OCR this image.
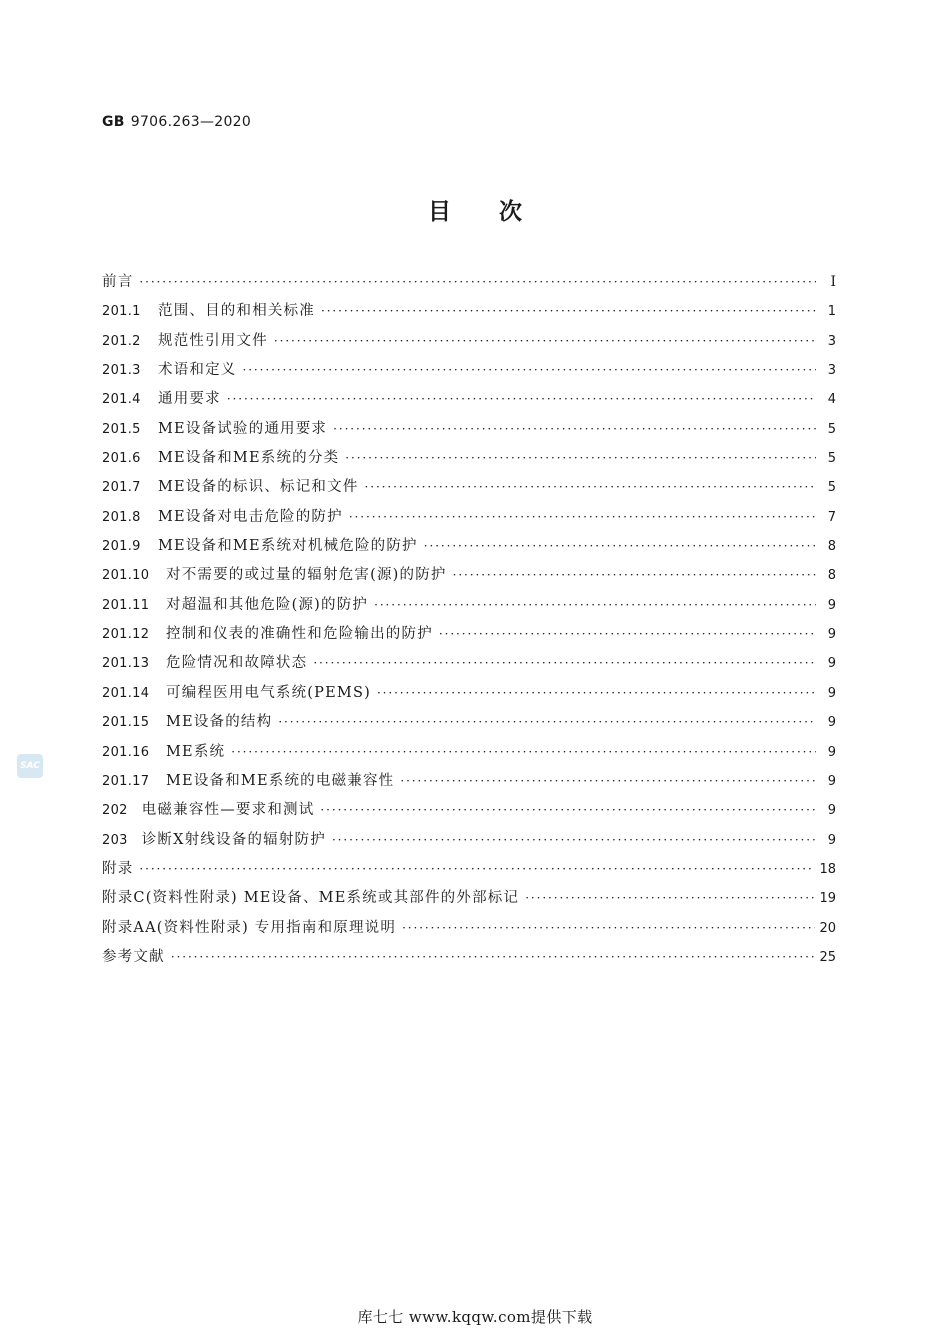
GB 9706.263—2020
目次
前言 ·····	Ⅰ
201.1 范围、目的和相关标准 ·····	1
201.2 规范性引用文件 ·····	3
201.3 术语和定义 ·····	3
201.4 通用要求 ·····	4
201.5 ME设备试验的通用要求 ·····	5
201.6 ME设备和ME系统的分类 ·····	5
201.7 ME设备的标识、标记和文件 ·····	5
201.8 ME设备对电击危险的防护 ·····	7
201.9 ME设备和ME系统对机械危险的防护 ·····	8
201.10 对不需要的或过量的辐射危害(源)的防护 ·····	8
201.11 对超温和其他危险(源)的防护 ·····	9
201.12 控制和仪表的准确性和危险输出的防护 ·····	9
201.13 危险情况和故障状态 ·····	9
201.14 可编程医用电气系统(PEMS) ·····	9
201.15 ME设备的结构 ·····	9
201.16 ME系统 ·····	9
201.17 ME设备和ME系统的电磁兼容性 ·····	9
202 电磁兼容性—要求和测试 ·····	9
203 诊断X射线设备的辐射防护 ·····	9
附录 ·····	18
附录C(资料性附录) ME设备、ME系统或其部件的外部标记 ·····	19
附录AA(资料性附录) 专用指南和原理说明 ·····	20
参考文献 ·····	25
SAC
库七七 www.kqqw.com提供下载
